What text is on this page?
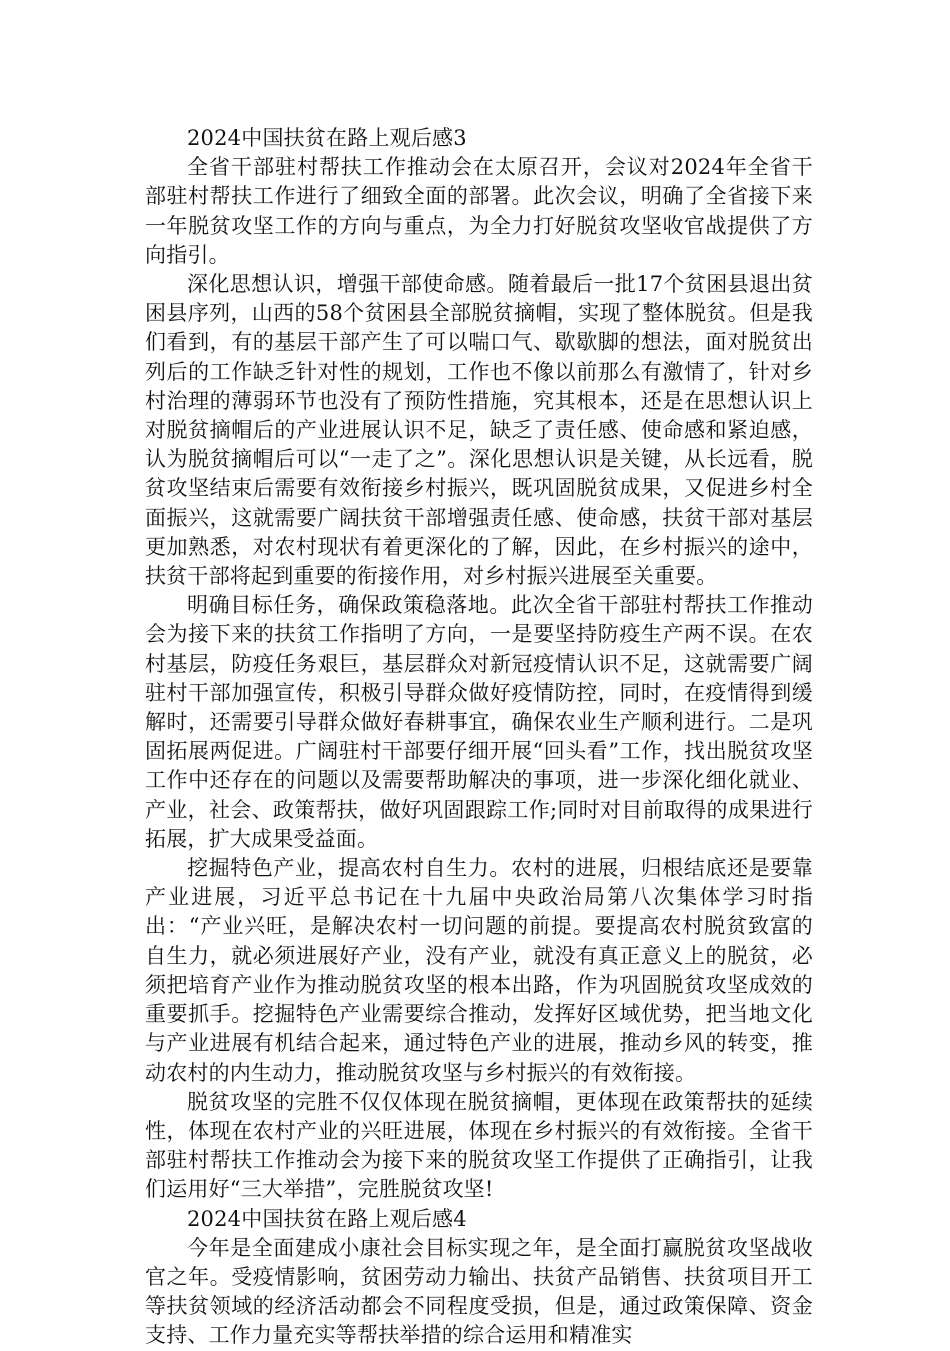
2024中国扶贫在路上观后感3

全省干部驻村帮扶工作推动会在太原召开，会议对2024年全省干部驻村帮扶工作进行了细致全面的部署。此次会议，明确了全省接下来一年脱贫攻坚工作的方向与重点，为全力打好脱贫攻坚收官战提供了方向指引。

深化思想认识，增强干部使命感。随着最后一批17个贫困县退出贫困县序列，山西的58个贫困县全部脱贫摘帽，实现了整体脱贫。但是我们看到，有的基层干部产生了可以喘口气、歇歇脚的想法，面对脱贫出列后的工作缺乏针对性的规划，工作也不像以前那么有激情了，针对乡村治理的薄弱环节也没有了预防性措施，究其根本，还是在思想认识上对脱贫摘帽后的产业进展认识不足，缺乏了责任感、使命感和紧迫感，认为脱贫摘帽后可以“一走了之”。深化思想认识是关键，从长远看，脱贫攻坚结束后需要有效衔接乡村振兴，既巩固脱贫成果，又促进乡村全面振兴，这就需要广阔扶贫干部增强责任感、使命感，扶贫干部对基层更加熟悉，对农村现状有着更深化的了解，因此，在乡村振兴的途中，扶贫干部将起到重要的衔接作用，对乡村振兴进展至关重要。

明确目标任务，确保政策稳落地。此次全省干部驻村帮扶工作推动会为接下来的扶贫工作指明了方向，一是要坚持防疫生产两不误。在农村基层，防疫任务艰巨，基层群众对新冠疫情认识不足，这就需要广阔驻村干部加强宣传，积极引导群众做好疫情防控，同时，在疫情得到缓解时，还需要引导群众做好春耕事宜，确保农业生产顺利进行。二是巩固拓展两促进。广阔驻村干部要仔细开展“回头看”工作，找出脱贫攻坚工作中还存在的问题以及需要帮助解决的事项，进一步深化细化就业、产业，社会、政策帮扶，做好巩固跟踪工作;同时对目前取得的成果进行拓展，扩大成果受益面。

挖掘特色产业，提高农村自生力。农村的进展，归根结底还是要靠产业进展，习近平总书记在十九届中央政治局第八次集体学习时指出：“产业兴旺，是解决农村一切问题的前提。要提高农村脱贫致富的自生力，就必须进展好产业，没有产业，就没有真正意义上的脱贫，必须把培育产业作为推动脱贫攻坚的根本出路，作为巩固脱贫攻坚成效的重要抓手。挖掘特色产业需要综合推动，发挥好区域优势，把当地文化与产业进展有机结合起来，通过特色产业的进展，推动乡风的转变，推动农村的内生动力，推动脱贫攻坚与乡村振兴的有效衔接。

脱贫攻坚的完胜不仅仅体现在脱贫摘帽，更体现在政策帮扶的延续性，体现在农村产业的兴旺进展，体现在乡村振兴的有效衔接。全省干部驻村帮扶工作推动会为接下来的脱贫攻坚工作提供了正确指引，让我们运用好“三大举措”，完胜脱贫攻坚!

2024中国扶贫在路上观后感4

今年是全面建成小康社会目标实现之年，是全面打赢脱贫攻坚战收官之年。受疫情影响，贫困劳动力输出、扶贫产品销售、扶贫项目开工等扶贫领域的经济活动都会不同程度受损，但是，通过政策保障、资金支持、工作力量充实等帮扶举措的综合运用和精准实
